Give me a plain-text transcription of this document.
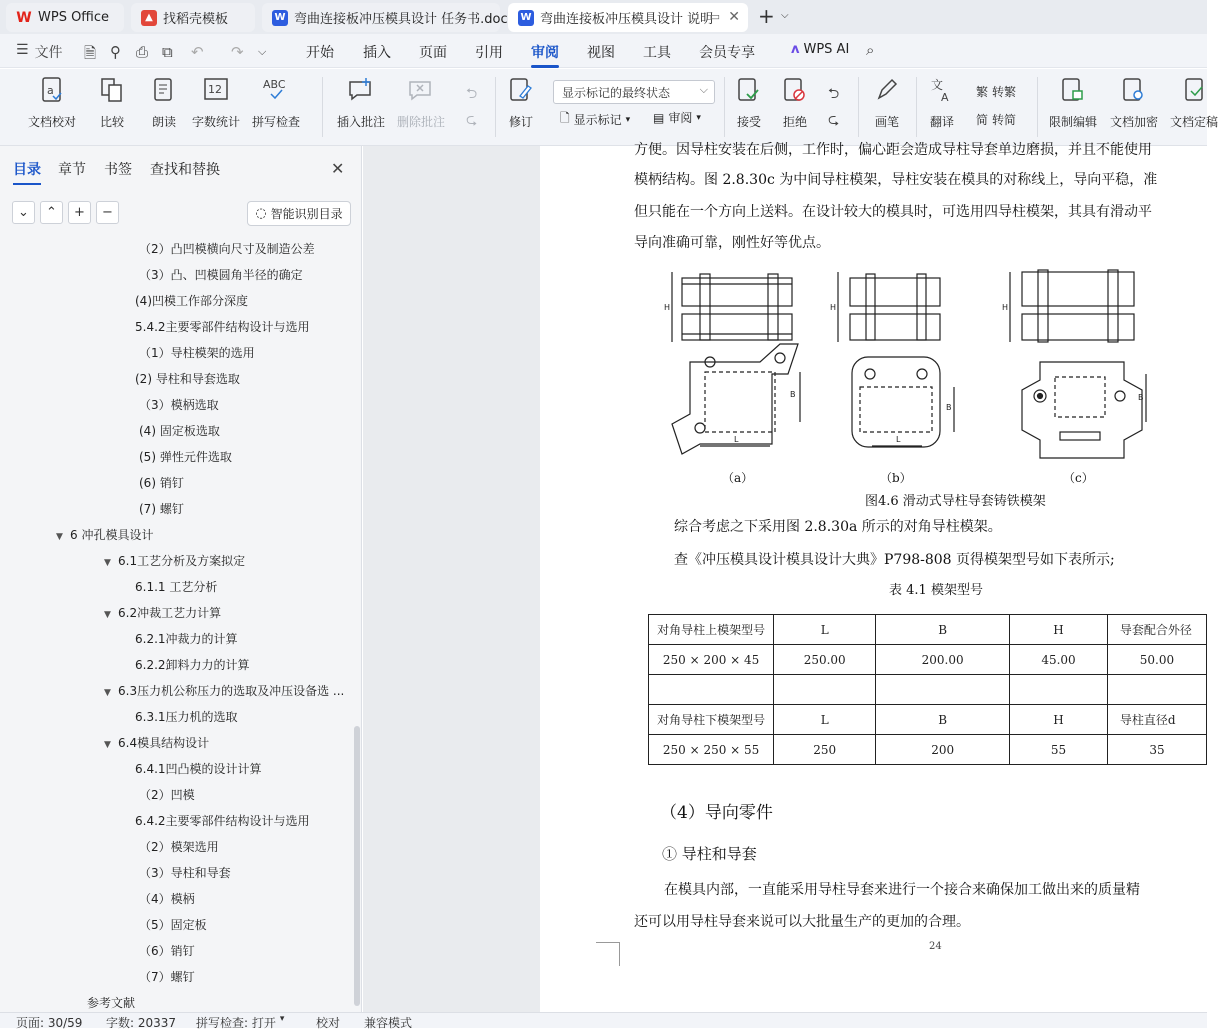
W WPS Office	▲ 找稻壳模板	W 弯曲连接板冲压模具设计 任务书.doc W 弯曲连接板冲压模具设计 说明
▭ ✕ + ⌵
☰ 文件 🗎 ⚲ ⎙ ⧉ ↶ ↷ ⌵	开始 插入 页面 引用 审阅 视图 工具 会员专享	ᴧ WPS AI ⌕
a
文档校对 比较 朗读
12
字数统计
ABC
拼写检查	插入批注 删除批注
⮌
⮎	修订 🗋 显示标记 ▾ ▤ 审阅 ▾	接受 拒绝
⮌
⮎	画笔
文
A
翻译
繁 转繁
简 转简	限制编辑 文档加密 文档定稿
显示标记的最终状态 ⌵
目录 章节 书签 查找和替换	✕
⌄ ⌃ + −	◌ 智能识别目录
（2）凸凹模横向尺寸及制造公差
（3）凸、凹模圆角半径的确定
(4)凹模工作部分深度
5.4.2主要零部件结构设计与选用
（1）导柱模架的选用
(2) 导柱和导套选取
（3）模柄选取
(4) 固定板选取
(5) 弹性元件选取
(6) 销钉
(7) 螺钉
▼ 6 冲孔模具设计
▼ 6.1工艺分析及方案拟定
6.1.1 工艺分析
▼ 6.2冲裁工艺力计算
6.2.1冲裁力的计算
6.2.2卸料力力的计算
▼ 6.3压力机公称压力的选取及冲压设备选 ...
6.3.1压力机的选取
▼ 6.4模具结构设计
6.4.1凹凸模的设计计算
（2）凹模
6.4.2主要零部件结构设计与选用
（2）模架选用
（3）导柱和导套
（4）模柄
（5）固定板
（6）销钉
（7）螺钉
参考文献
方便。因导柱安装在后侧，工作时，偏心距会造成导柱导套单边磨损，并且不能使用
模柄结构。图 2.8.30c 为中间导柱模架，导柱安装在模具的对称线上，导向平稳，准
但只能在一个方向上送料。在设计较大的模具时，可选用四导柱模架，其具有滑动平
导向准确可靠，刚性好等优点。
H
B
L
H
B
L
H
B
（a）	（b）	（c）
图4.6 滑动式导柱导套铸铁模架
综合考虑之下采用图 2.8.30a 所示的对角导柱模架。
查《冲压模具设计模具设计大典》P798-808 页得模架型号如下表所示;
表 4.1 模架型号
对角导柱上模架型号	L	B	H	导套配合外径
250 × 200 × 45	250.00	200.00	45.00	50.00

对角导柱下模架型号	L	B	H	导柱直径d
250 × 250 × 55	250	200	55	35
（4）导向零件
① 导柱和导套
在模具内部，一直能采用导柱导套来进行一个接合来确保加工做出来的质量精
还可以用导柱导套来说可以大批量生产的更加的合理。
24
页面: 30/59 字数: 20337 拼写检查: 打开 ▾	校对 兼容模式
